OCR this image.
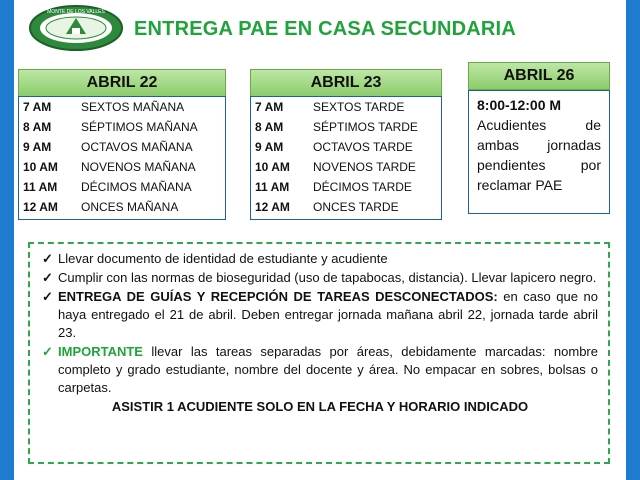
MONTE DE LOS VALLES
ENTREGA PAE EN CASA SECUNDARIA
ABRIL 22
7 AM	SEXTOS MAÑANA
8 AM	SÉPTIMOS MAÑANA
9 AM	OCTAVOS MAÑANA
10 AM	NOVENOS MAÑANA
11 AM	DÉCIMOS MAÑANA
12 AM	ONCES MAÑANA
ABRIL 23
7 AM	SEXTOS TARDE
8 AM	SÉPTIMOS TARDE
9 AM	OCTAVOS TARDE
10 AM	NOVENOS TARDE
11 AM	DÉCIMOS TARDE
12 AM	ONCES TARDE
ABRIL 26
8:00-12:00 M
Acudientes de ambas jornadas pendientes por reclamar PAE
✓ Llevar documento de identidad de estudiante y acudiente
✓ Cumplir con las normas de bioseguridad (uso de tapabocas, distancia). Llevar lapicero negro.
✓ ENTREGA DE GUÍAS Y RECEPCIÓN DE TAREAS DESCONECTADOS: en caso que no haya entregado el 21 de abril. Deben entregar jornada mañana abril 22, jornada tarde abril 23.
✓ IMPORTANTE llevar las tareas separadas por áreas, debidamente marcadas: nombre completo y grado estudiante, nombre del docente y área. No empacar en sobres, bolsas o carpetas.
ASISTIR 1 ACUDIENTE SOLO EN LA FECHA Y HORARIO INDICADO
